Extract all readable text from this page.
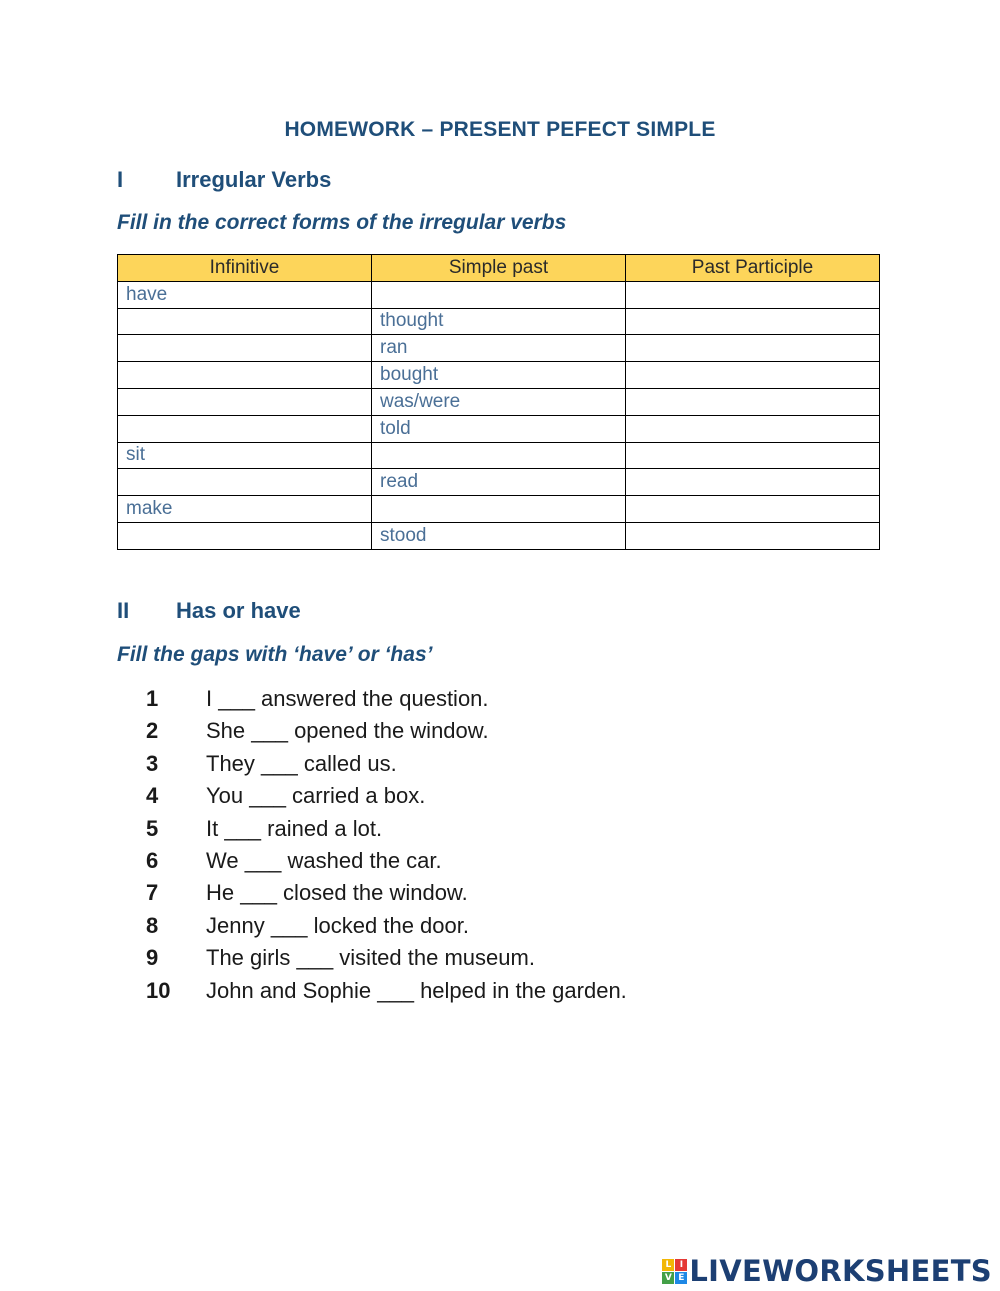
HOMEWORK – PRESENT PEFECT SIMPLE
I Irregular Verbs
Fill in the correct forms of the irregular verbs
Infinitive	Simple past	Past Participle
have		
	thought	
	ran	
	bought	
	was/were	
	told	
sit		
	read	
make		
	stood	
II Has or have
Fill the gaps with ‘have’ or ‘has’
1 I ___ answered the question.
2 She ___ opened the window.
3 They ___ called us.
4 You ___ carried a box.
5 It ___ rained a lot.
6 We ___ washed the car.
7 He ___ closed the window.
8 Jenny ___ locked the door.
9 The girls ___ visited the museum.
10 John and Sophie ___ helped in the garden.
L I
V E LIVEWORKSHEETS
